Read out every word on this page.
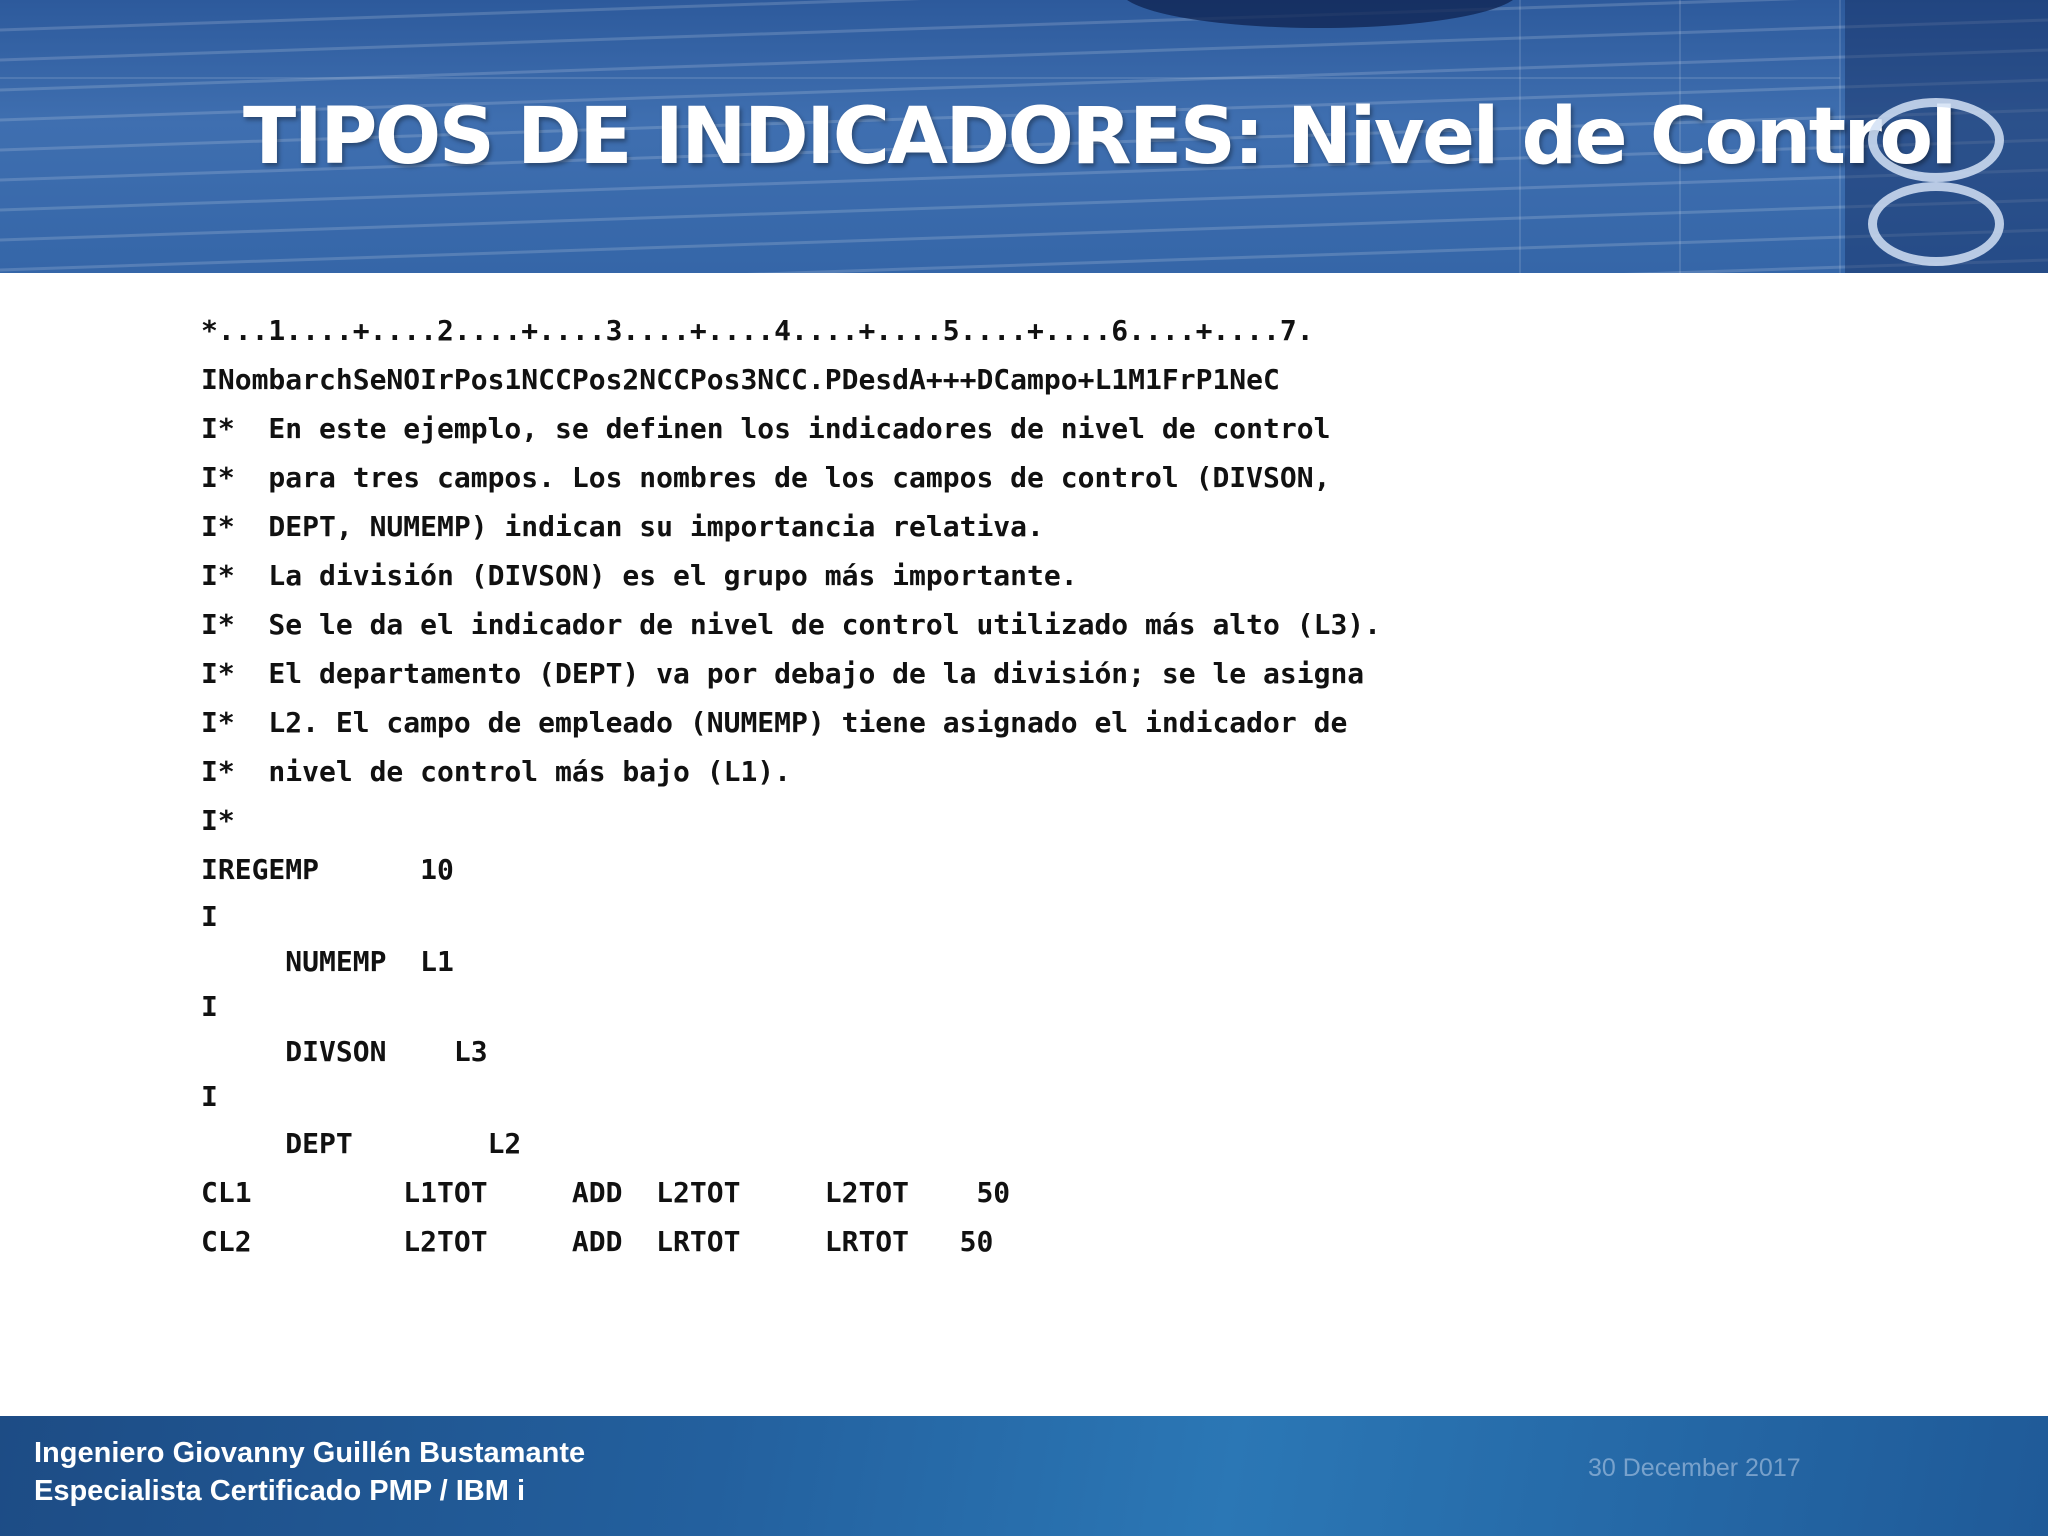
TIPOS DE INDICADORES: Nivel de Control
*...1....+....2....+....3....+....4....+....5....+....6....+....7.
INombarchSeNOIrPos1NCCPos2NCCPos3NCC.PDesdA+++DCampo+L1M1FrP1NeC
I*  En este ejemplo, se definen los indicadores de nivel de control
I*  para tres campos. Los nombres de los campos de control (DIVSON,
I*  DEPT, NUMEMP) indican su importancia relativa.
I*  La división (DIVSON) es el grupo más importante.
I*  Se le da el indicador de nivel de control utilizado más alto (L3).
I*  El departamento (DEPT) va por debajo de la división; se le asigna
I*  L2. El campo de empleado (NUMEMP) tiene asignado el indicador de
I*  nivel de control más bajo (L1).
I*
IREGEMP      10
I
NUMEMP  L1
I
DIVSON    L3
I
DEPT        L2
CL1         L1TOT     ADD  L2TOT     L2TOT    50
CL2         L2TOT     ADD  LRTOT     LRTOT   50
Ingeniero Giovanny Guillén Bustamante
Especialista Certificado PMP / IBM i
30 December 2017
